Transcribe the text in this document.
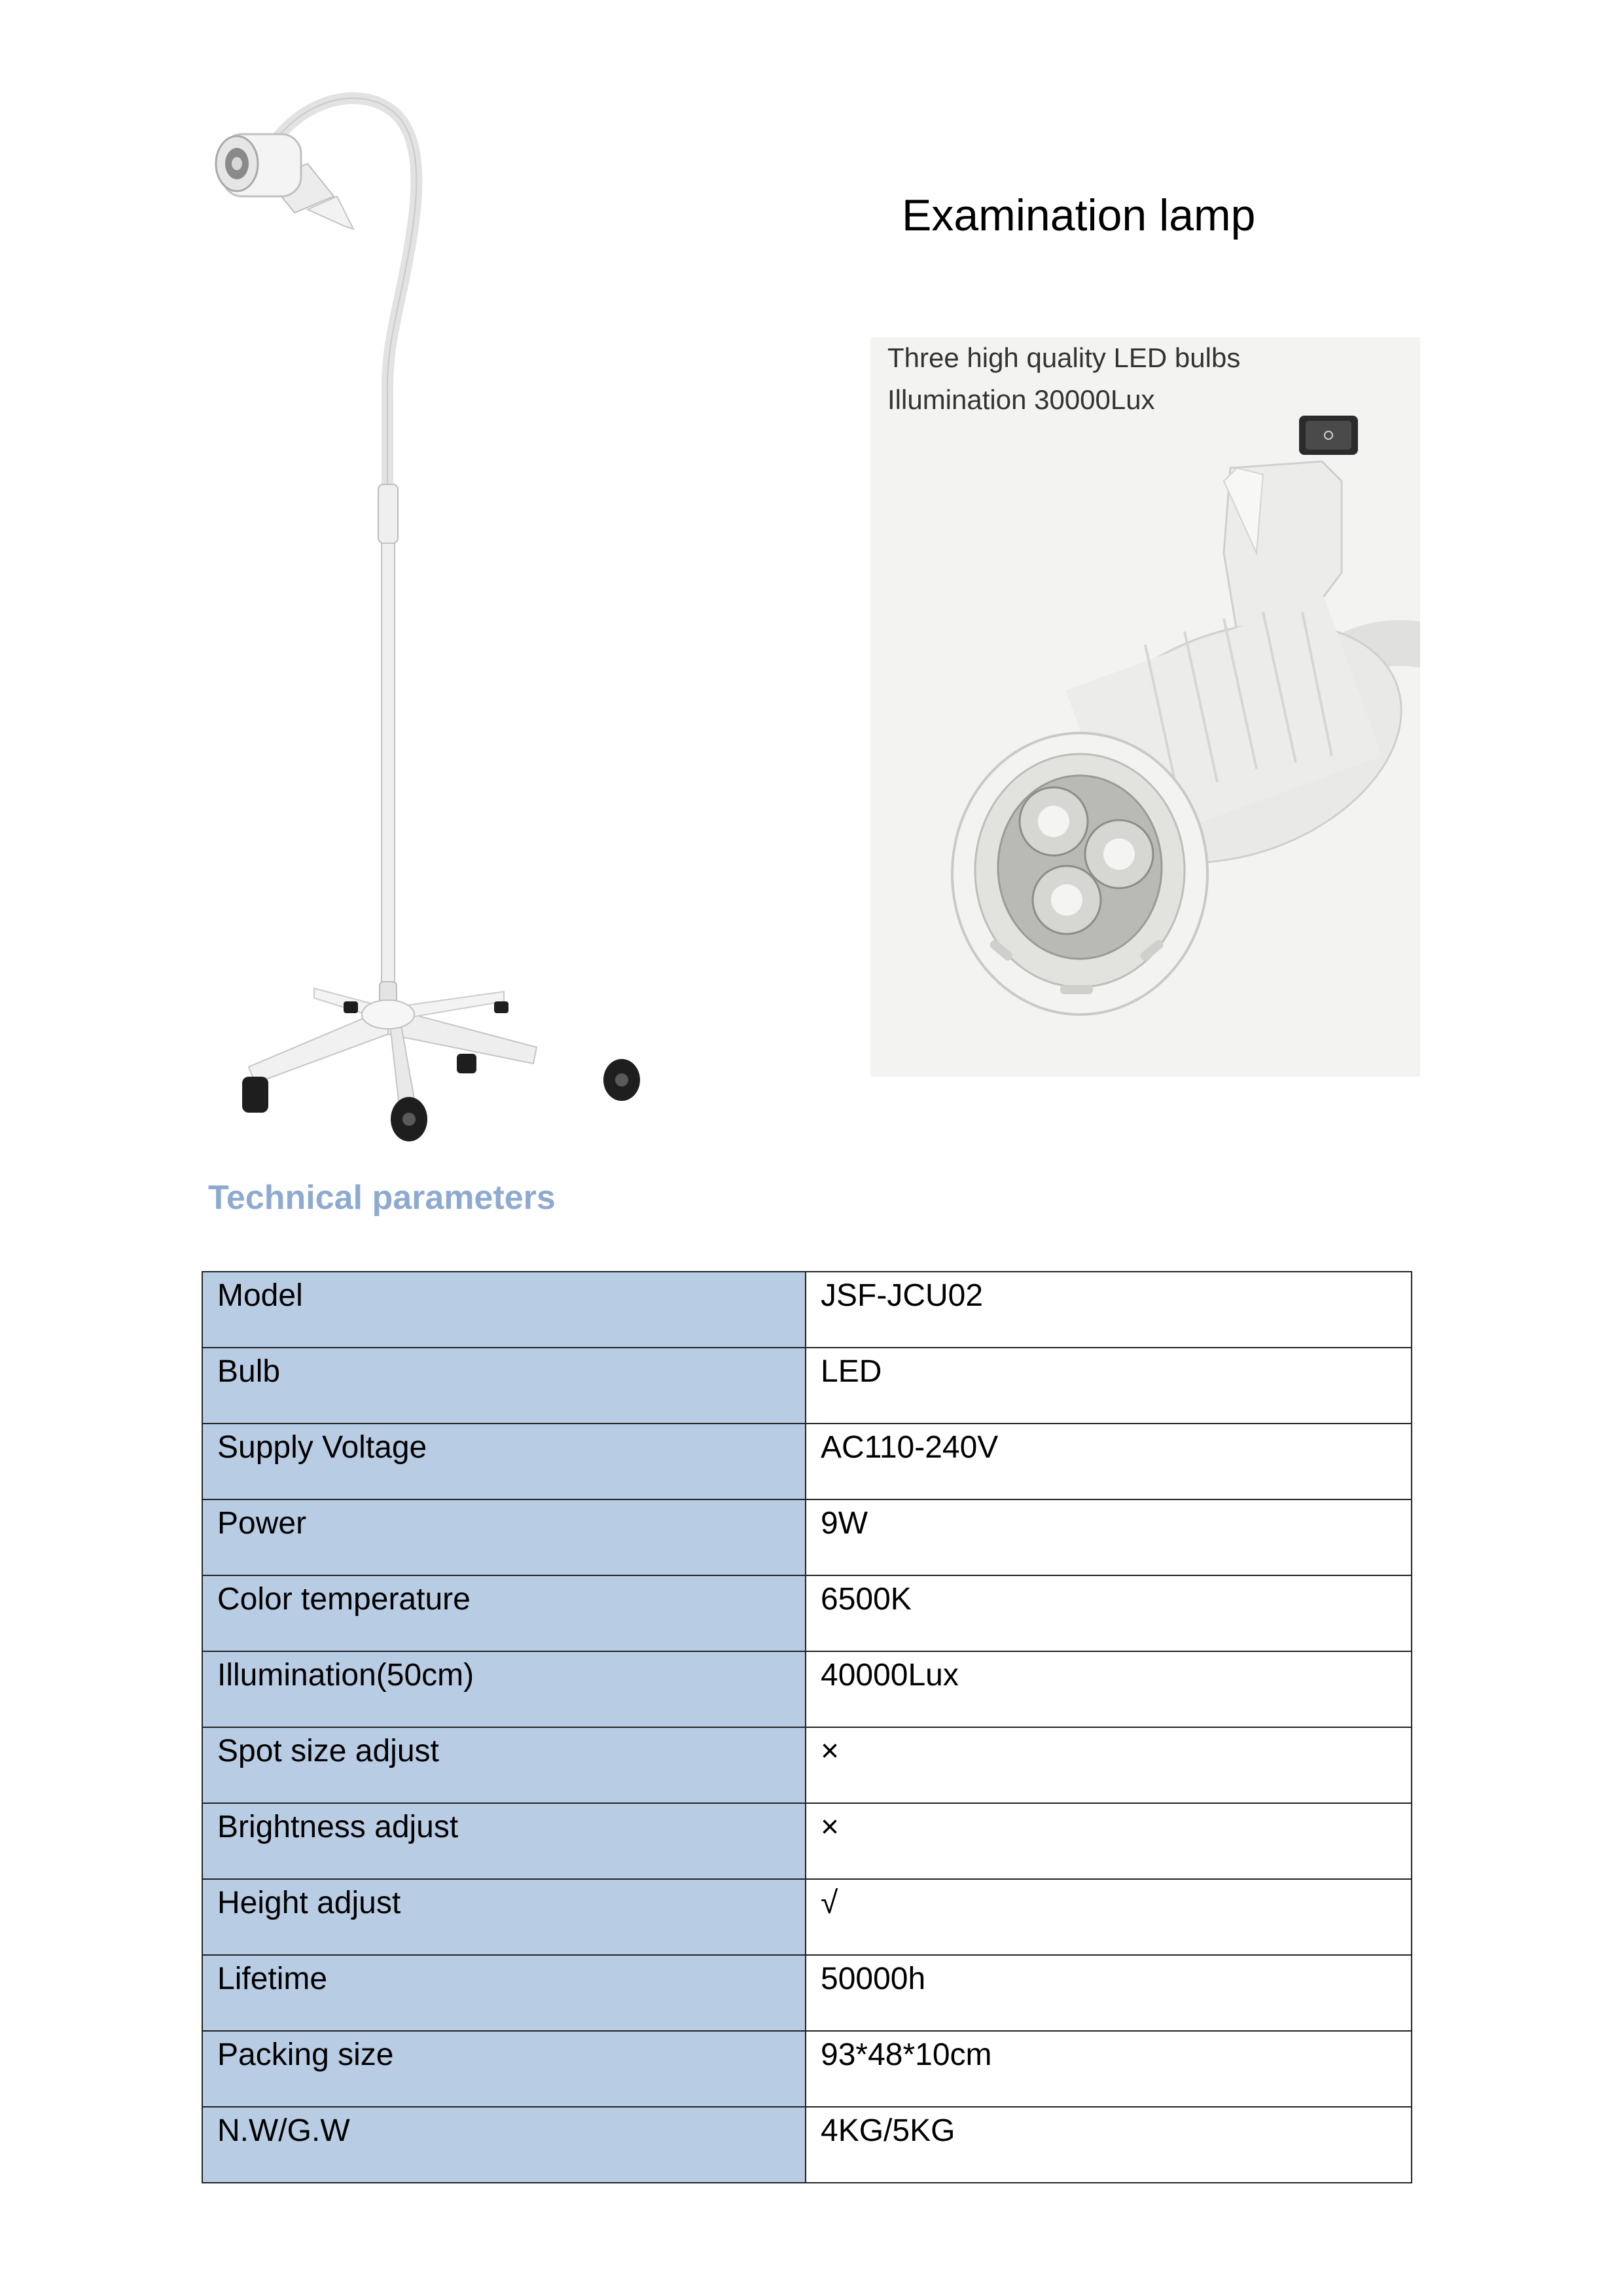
Examination lamp
Three high quality LED bulbs
Illumination 30000Lux
Technical parameters
Model	JSF-JCU02
Bulb	LED
Supply Voltage	AC110-240V
Power	9W
Color temperature	6500K
Illumination(50cm)	40000Lux
Spot size adjust	×
Brightness adjust	×
Height adjust	√
Lifetime	50000h
Packing size	93*48*10cm
N.W/G.W	4KG/5KG
